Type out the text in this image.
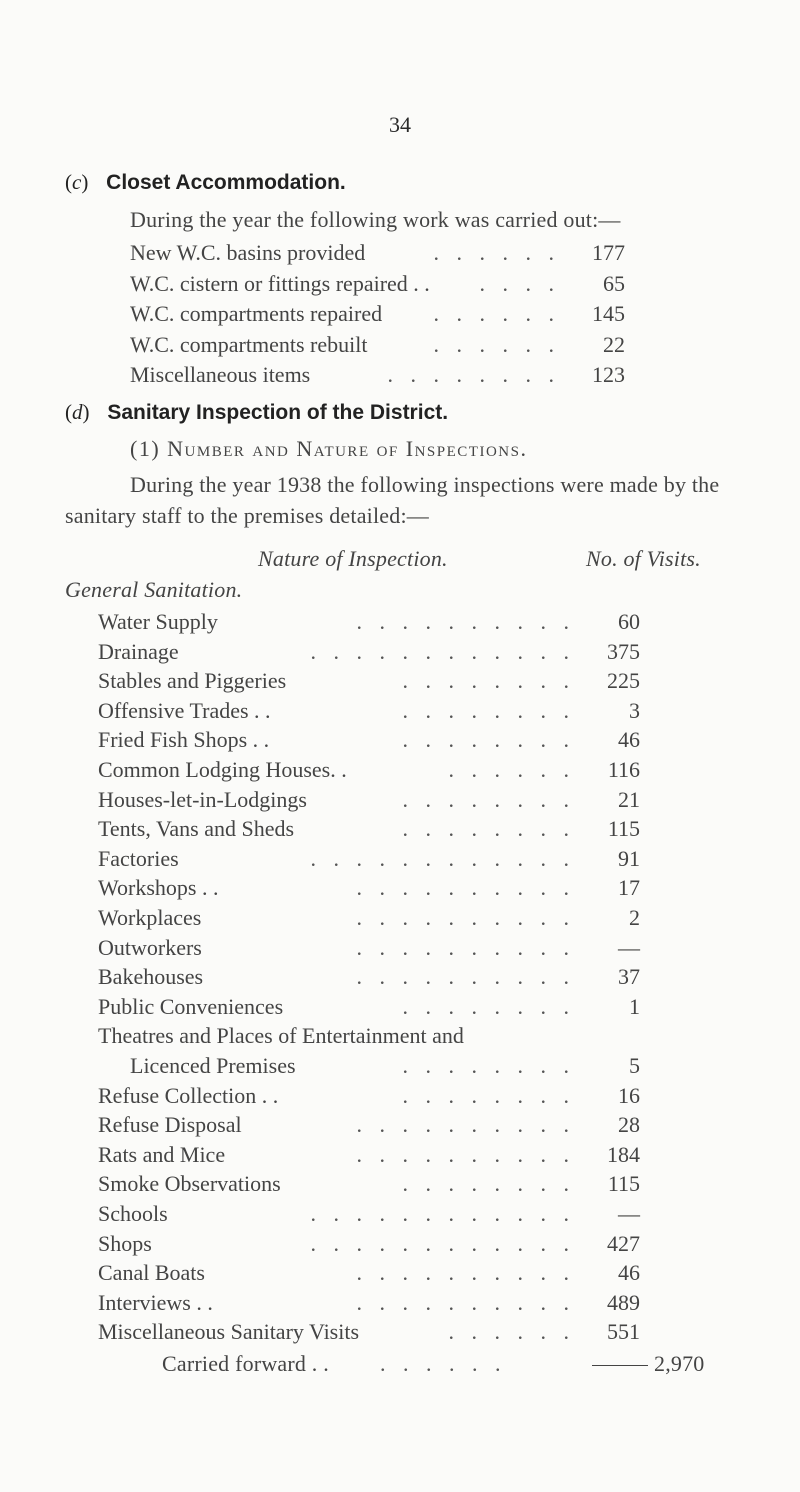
34
(c) Closet Accommodation.
During the year the following work was carried out:—
New W.C. basins provided	. . . . . .	177
W.C. cistern or fittings repaired . .	. . . .	65
W.C. compartments repaired	. . . . . .	145
W.C. compartments rebuilt	. . . . . .	22
Miscellaneous items	. . . . . . . .	123
(d) Sanitary Inspection of the District.
(1) Number and Nature of Inspections.
During the year 1938 the following inspections were made by the
sanitary staff to the premises detailed:—
Nature of Inspection.	No. of Visits.
General Sanitation.
Water Supply	. . . . . . . . . .	60
Drainage	. . . . . . . . . . . .	375
Stables and Piggeries	. . . . . . . .	225
Offensive Trades . .	. . . . . . . .	3
Fried Fish Shops . .	. . . . . . . .	46
Common Lodging Houses. .	. . . . . .	116
Houses-let-in-Lodgings	. . . . . . . .	21
Tents, Vans and Sheds	. . . . . . . .	115
Factories	. . . . . . . . . . . .	91
Workshops . .	. . . . . . . . . .	17
Workplaces	. . . . . . . . . .	2
Outworkers	. . . . . . . . . .	—
Bakehouses	. . . . . . . . . .	37
Public Conveniences	. . . . . . . .	1
Theatres and Places of Entertainment and
Licenced Premises	. . . . . . . .	5
Refuse Collection . .	. . . . . . . .	16
Refuse Disposal	. . . . . . . . . .	28
Rats and Mice	. . . . . . . . . .	184
Smoke Observations	. . . . . . . .	115
Schools	. . . . . . . . . . . .	—
Shops	. . . . . . . . . . . .	427
Canal Boats	. . . . . . . . . .	46
Interviews . .	. . . . . . . . . .	489
Miscellaneous Sanitary Visits	. . . . . .	551
Carried forward . . . . . . . .	2,970
